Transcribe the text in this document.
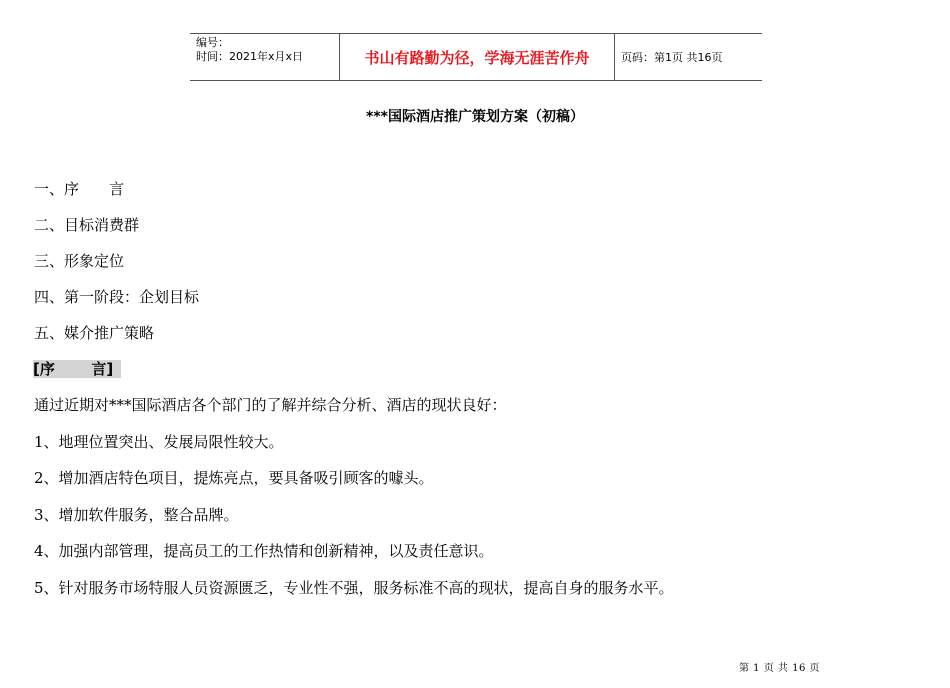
编号：
时间：2021年x月x日	书山有路勤为径，学海无涯苦作舟	页码：第1页 共16页
***国际酒店推广策划方案（初稿）
一、序　　言
二、目标消费群
三、形象定位
四、第一阶段：企划目标
五、媒介推广策略
[序       言]
通过近期对***国际酒店各个部门的了解并综合分析、酒店的现状良好：
1、地理位置突出、发展局限性较大。
2、增加酒店特色项目，提炼亮点，要具备吸引顾客的噱头。
3、增加软件服务，整合品牌。
4、加强内部管理，提高员工的工作热情和创新精神，以及责任意识。
5、针对服务市场特服人员资源匮乏，专业性不强，服务标准不高的现状，提高自身的服务水平。
第 1 页 共 16 页
